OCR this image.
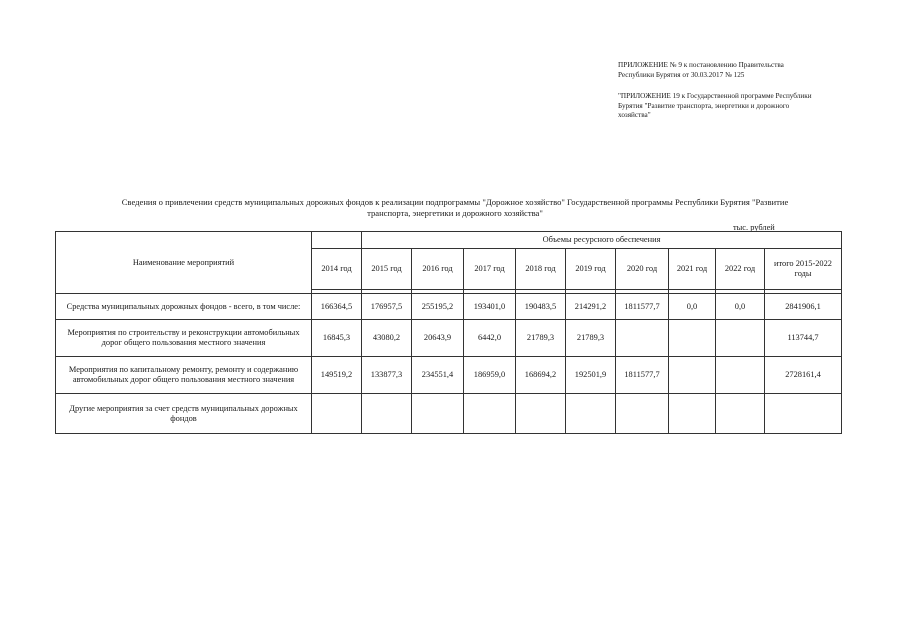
ПРИЛОЖЕНИЕ № 9 к постановлению Правительства
Республики Бурятия от 30.03.2017 № 125
"ПРИЛОЖЕНИЕ 19 к Государственной программе Республики
Бурятия "Развитие транспорта, энергетики и дорожного
хозяйства"
Сведения о привлечении средств муниципальных дорожных фондов к реализации подпрограммы "Дорожное хозяйство" Государственной программы Республики Бурятия "Развитие
транспорта, энергетики и дорожного хозяйства"
тыс. рублей
Наименование мероприятий		Объемы ресурсного обеспечения								
	2014 год	2015 год	2016 год	2017 год	2018 год	2019 год	2020 год	2021 год	2022 год	итого 2015-2022 годы

Средства муниципальных дорожных фондов - всего, в том числе:	166364,5	176957,5	255195,2	193401,0	190483,5	214291,2	1811577,7	0,0	0,0	2841906,1
Мероприятия по строительству и реконструкции автомобильных дорог общего пользования местного значения	16845,3	43080,2	20643,9	6442,0	21789,3	21789,3				113744,7
Мероприятия по капитальному ремонту, ремонту и содержанию автомобильных дорог общего пользования местного значения	149519,2	133877,3	234551,4	186959,0	168694,2	192501,9	1811577,7			2728161,4
Другие мероприятия за счет средств муниципальных дорожных фондов										
